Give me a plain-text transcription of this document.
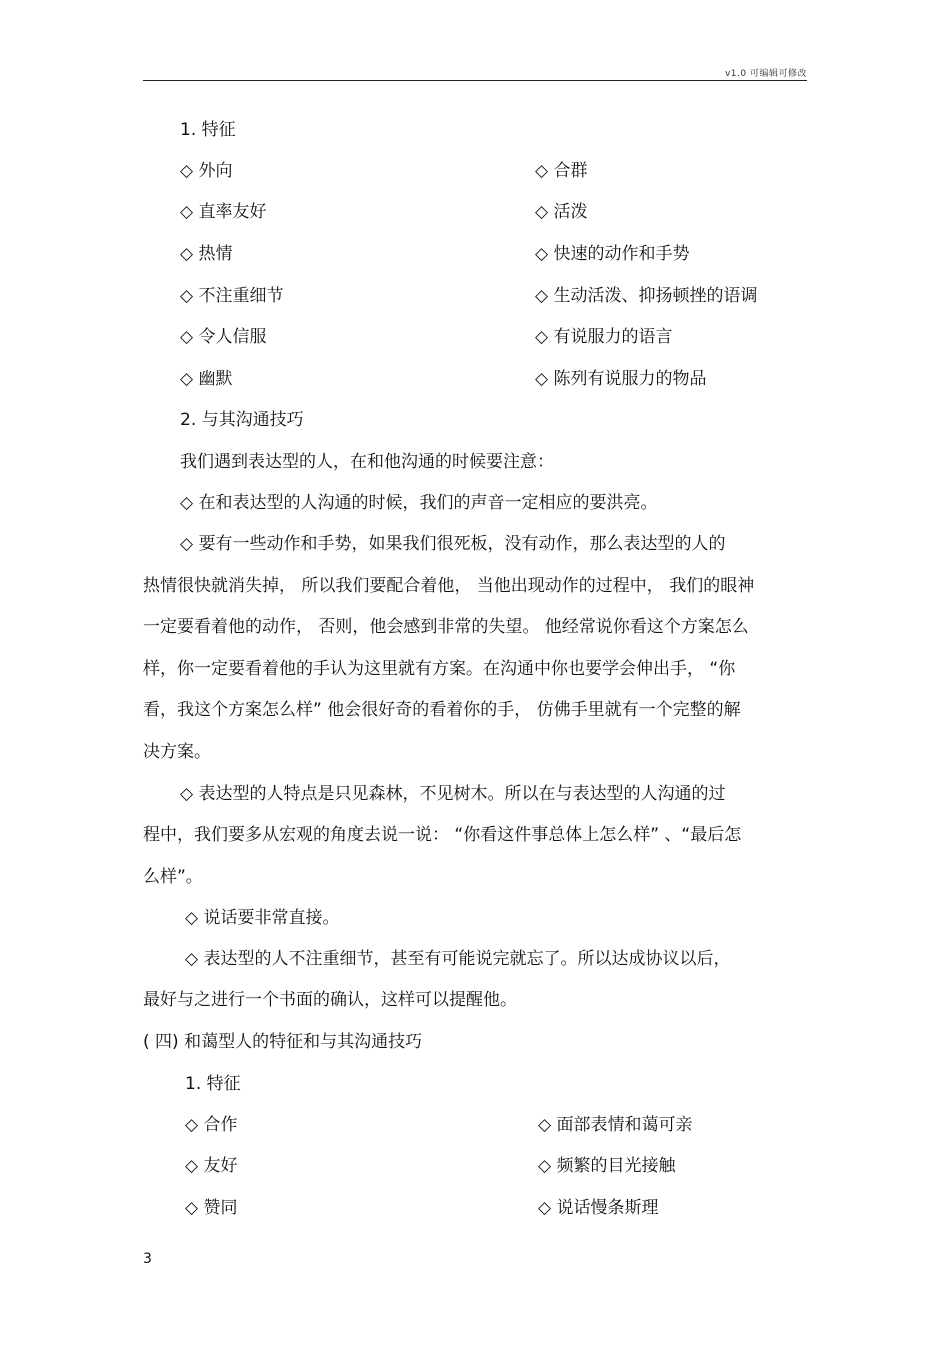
v1.0 可编辑可修改
1. 特征
◇ 外向	◇ 合群
◇ 直率友好	◇ 活泼
◇ 热情	◇ 快速的动作和手势
◇ 不注重细节	◇ 生动活泼、抑扬顿挫的语调
◇ 令人信服	◇ 有说服力的语言
◇ 幽默	◇ 陈列有说服力的物品
2. 与其沟通技巧
我们遇到表达型的人，在和他沟通的时候要注意：
◇ 在和表达型的人沟通的时候，我们的声音一定相应的要洪亮。
◇ 要有一些动作和手势，如果我们很死板，没有动作，那么表达型的人的
热情很快就消失掉， 所以我们要配合着他， 当他出现动作的过程中， 我们的眼神
一定要看着他的动作， 否则，他会感到非常的失望。 他经常说你看这个方案怎么
样，你一定要看着他的手认为这里就有方案。在沟通中你也要学会伸出手， “你
看，我这个方案怎么样” 他会很好奇的看着你的手， 仿佛手里就有一个完整的解
决方案。
◇ 表达型的人特点是只见森林，不见树木。所以在与表达型的人沟通的过
程中，我们要多从宏观的角度去说一说： “你看这件事总体上怎么样” 、“最后怎
么样”。
◇ 说话要非常直接。
◇ 表达型的人不注重细节，甚至有可能说完就忘了。所以达成协议以后，
最好与之进行一个书面的确认，这样可以提醒他。
( 四) 和蔼型人的特征和与其沟通技巧
1. 特征
◇ 合作	◇ 面部表情和蔼可亲
◇ 友好	◇ 频繁的目光接触
◇ 赞同	◇ 说话慢条斯理
3
